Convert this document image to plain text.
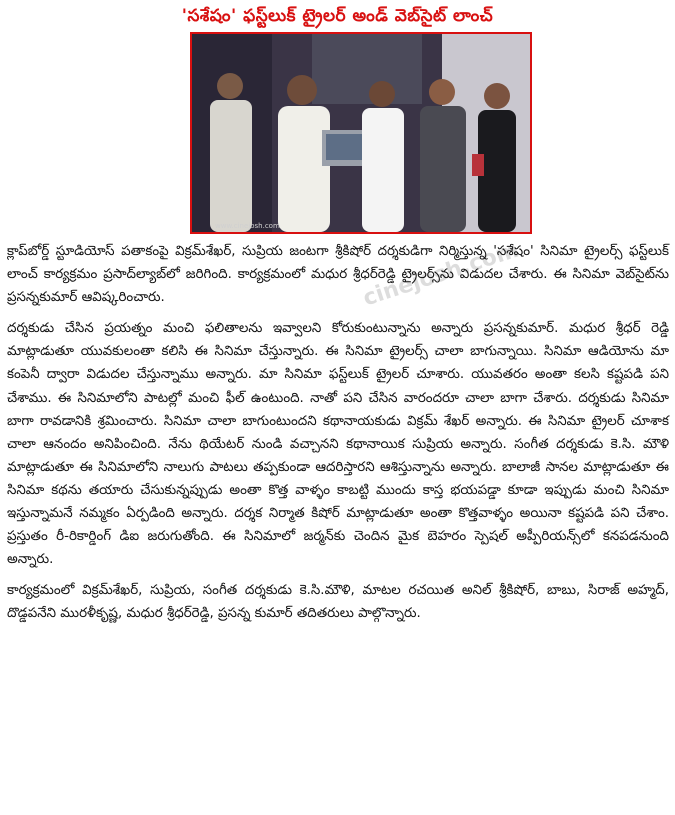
'సశేషం' ఫస్ట్‌లుక్ ట్రైలర్ అండ్ వెబ్‌సైట్ లాంచ్
www.cinejosh.com
cinejosh.com

క్లాప్‌బోర్డ్ స్టూడియోస్ పతాకంపై విక్రమ్‌శేఖర్, సుప్రియ జంటగా శ్రీకిషోర్ దర్శకుడిగా నిర్మిస్తున్న 'సశేషం' సినిమా ట్రైలర్స్ ఫస్ట్‌లుక్ లాంచ్ కార్యక్రమం ప్రసాద్‌ల్యాబ్‌లో జరిగింది. కార్యక్రమంలో మధుర శ్రీధర్‌రెడ్డి ట్రైలర్స్‌ను విడుదల చేశారు. ఈ సినిమా వెబ్‌సైట్‌ను ప్రసన్నకుమార్ ఆవిష్కరించారు.

దర్శకుడు చేసిన ప్రయత్నం మంచి ఫలితాలను ఇవ్వాలని కోరుకుంటున్నాను అన్నారు ప్రసన్నకుమార్. మధుర శ్రీధర్ రెడ్డి మాట్లాడుతూ యువకులంతా కలిసి ఈ సినిమా చేస్తున్నారు. ఈ సినిమా ట్రైలర్స్ చాలా బాగున్నాయి. సినిమా ఆడియోను మా కంపెనీ ద్వారా విడుదల చేస్తున్నాము అన్నారు. మా సినిమా ఫస్ట్‌లుక్ ట్రైలర్ చూశారు. యువతరం అంతా కలసి కష్టపడి పని చేశాము. ఈ సినిమాలోని పాటల్లో మంచి ఫీల్ ఉంటుంది. నాతో పని చేసిన వారందరూ చాలా బాగా చేశారు. దర్శకుడు సినిమా బాగా రావడానికి శ్రమించారు. సినిమా చాలా బాగుంటుందని కథానాయకుడు విక్రమ్ శేఖర్ అన్నారు. ఈ సినిమా ట్రైలర్ చూశాక చాలా ఆనందం అనిపించింది. నేను థియేటర్ నుండి వచ్చానని కథానాయిక సుప్రియ అన్నారు. సంగీత దర్శకుడు కె.సి. మౌళి మాట్లాడుతూ ఈ సినిమాలోని నాలుగు పాటలు తప్పకుండా ఆదరిస్తారని ఆశిస్తున్నాను అన్నారు. బాలాజీ సానల మాట్లాడుతూ ఈ సినిమా కథను తయారు చేసుకున్నప్పుడు అంతా కొత్త వాళ్ళం కాబట్టి ముందు కాస్త భయపడ్డా కూడా ఇప్పుడు మంచి సినిమా ఇస్తున్నామనే నమ్మకం ఏర్పడింది అన్నారు. దర్శక నిర్మాత కిషోర్ మాట్లాడుతూ అంతా కొత్తవాళ్ళం అయినా కష్టపడి పని చేశాం. ప్రస్తుతం రీ-రికార్డింగ్ డిఐ జరుగుతోంది. ఈ సినిమాలో జర్మన్‌కు చెందిన మైక బెహరం స్పెషల్ అప్పీరియన్స్‌లో కనపడనుంది అన్నారు.

కార్యక్రమంలో విక్రమ్‌శేఖర్, సుప్రియ, సంగీత దర్శకుడు కె.సి.మౌళి, మాటల రచయిత అనిల్ శ్రీకిషోర్, బాబు, సిరాజ్ అహ్మద్, దొడ్డపనేని మురళీకృష్ణ, మధుర శ్రీధర్‌రెడ్డి, ప్రసన్న కుమార్ తదితరులు పాల్గొన్నారు.
